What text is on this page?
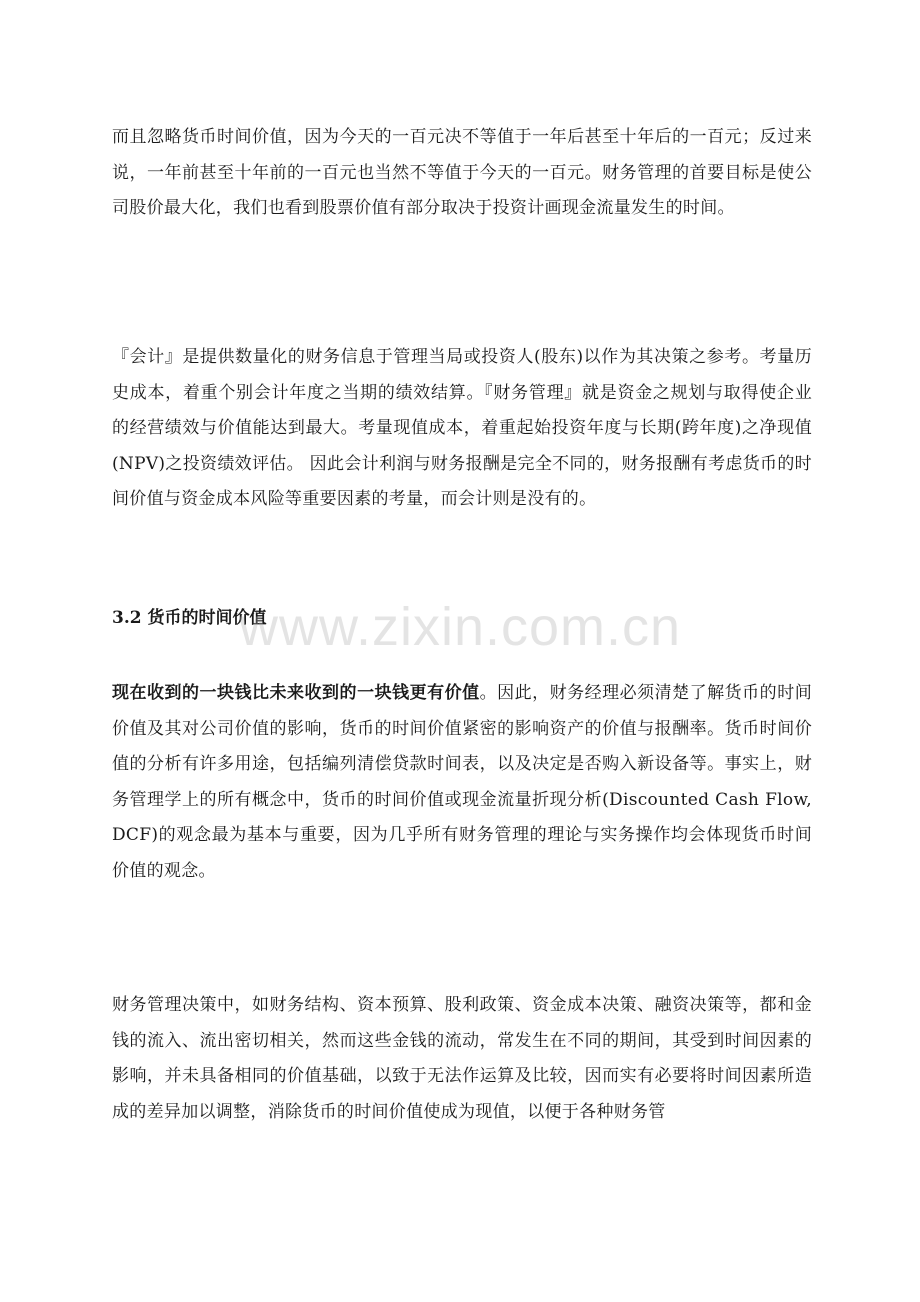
而且忽略货币时间价值，因为今天的一百元决不等值于一年后甚至十年后的一百元；反过来说，一年前甚至十年前的一百元也当然不等值于今天的一百元。财务管理的首要目标是使公司股价最大化，我们也看到股票价值有部分取决于投资计画现金流量发生的时间。

『会计』是提供数量化的财务信息于管理当局或投资人(股东)以作为其决策之参考。考量历史成本，着重个别会计年度之当期的绩效结算。『财务管理』就是资金之规划与取得使企业的经营绩效与价值能达到最大。考量现值成本，着重起始投资年度与长期(跨年度)之净现值(NPV)之投资绩效评估。 因此会计利润与财务报酬是完全不同的，财务报酬有考虑货币的时间价值与资金成本风险等重要因素的考量，而会计则是没有的。

3.2 货币的时间价值
www.zixin.com.cn

现在收到的一块钱比未来收到的一块钱更有价值。因此，财务经理必须清楚了解货币的时间价值及其对公司价值的影响，货币的时间价值紧密的影响资产的价值与报酬率。货币时间价值的分析有许多用途，包括编列清偿贷款时间表，以及决定是否购入新设备等。事实上，财务管理学上的所有概念中，货币的时间价值或现金流量折现分析(Discounted Cash Flow, DCF)的观念最为基本与重要，因为几乎所有财务管理的理论与实务操作均会体现货币时间价值的观念。

财务管理决策中，如财务结构、资本预算、股利政策、资金成本决策、融资决策等，都和金钱的流入、流出密切相关，然而这些金钱的流动，常发生在不同的期间，其受到时间因素的影响，并未具备相同的价值基础，以致于无法作运算及比较，因而实有必要将时间因素所造成的差异加以调整，消除货币的时间价值使成为现值，以便于各种财务管
